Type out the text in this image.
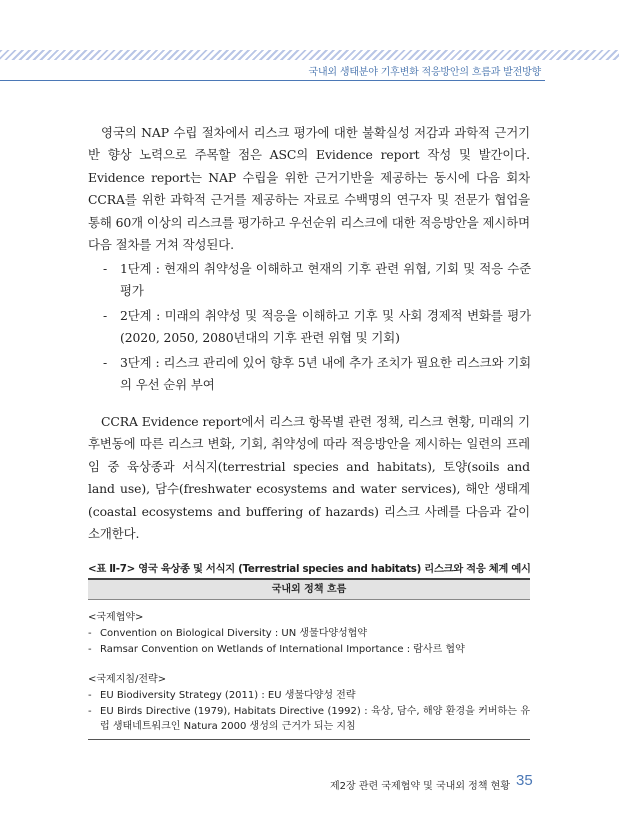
국내외 생태분야 기후변화 적응방안의 흐름과 발전방향

영국의 NAP 수립 절차에서 리스크 평가에 대한 불확실성 저감과 과학적 근거기반 향상 노력으로 주목할 점은 ASC의 Evidence report 작성 및 발간이다. Evidence report는 NAP 수립을 위한 근거기반을 제공하는 동시에 다음 회차 CCRA를 위한 과학적 근거를 제공하는 자료로 수백명의 연구자 및 전문가 협업을 통해 60개 이상의 리스크를 평가하고 우선순위 리스크에 대한 적응방안을 제시하며 다음 절차를 거쳐 작성된다.

- 1단계 : 현재의 취약성을 이해하고 현재의 기후 관련 위협, 기회 및 적응 수준 평가
- 2단계 : 미래의 취약성 및 적응을 이해하고 기후 및 사회 경제적 변화를 평가(2020, 2050, 2080년대의 기후 관련 위협 및 기회)
- 3단계 : 리스크 관리에 있어 향후 5년 내에 추가 조치가 필요한 리스크와 기회의 우선 순위 부여

CCRA Evidence report에서 리스크 항목별 관련 정책, 리스크 현황, 미래의 기후변동에 따른 리스크 변화, 기회, 취약성에 따라 적응방안을 제시하는 일련의 프레임 중 육상종과 서식지(terrestrial species and habitats), 토양(soils and land use), 담수(freshwater ecosystems and water services), 해안 생태계(coastal ecosystems and buffering of hazards) 리스크 사례를 다음과 같이 소개한다.

<표 Ⅱ-7> 영국 육상종 및 서식지 (Terrestrial species and habitats) 리스크와 적응 체계 예시
국내외 정책 흐름

<국제협약>

- Convention on Biological Diversity : UN 생물다양성협약

- Ramsar Convention on Wetlands of International Importance : 람사르 협약

<국제지침/전략>

- EU Biodiversity Strategy (2011) : EU 생물다양성 전략

- EU Birds Directive (1979), Habitats Directive (1992) : 육상, 담수, 해양 환경을 커버하는 유럽 생태네트워크인 Natura 2000 생성의 근거가 되는 지침

제2장 관련 국제협약 및 국내외 정책 현황 35
